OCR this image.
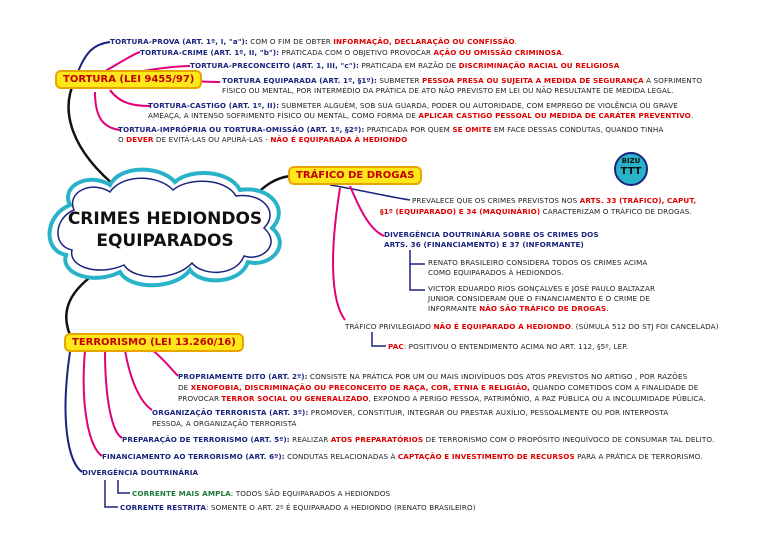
CRIMES HEDIONDOS
EQUIPARADOS
BIZU
TTT
TORTURA (LEI 9455/97)
TORTURA-PROVA (ART. 1º, I, "a"): COM O FIM DE OBTER INFORMAÇÃO, DECLARAÇÃO OU CONFISSÃO.
TORTURA-CRIME (ART. 1º, II, "b"): PRATICADA COM O OBJETIVO PROVOCAR AÇÃO OU OMISSÃO CRIMINOSA.
TORTURA-PRECONCEITO (ART. 1, III, "c"): PRATICADA EM RAZÃO DE DISCRIMINAÇÃO RACIAL OU RELIGIOSA
TORTURA EQUIPARADA (ART. 1º, §1º): SUBMETER PESSOA PRESA OU SUJEITA A MEDIDA DE SEGURANÇA A SOFRIMENTO
FÍSICO OU MENTAL, POR INTERMÉDIO DA PRÁTICA DE ATO NÃO PREVISTO EM LEI OU NÃO RESULTANTE DE MEDIDA LEGAL.
TORTURA-CASTIGO (ART. 1º, II): SUBMETER ALGUÉM, SOB SUA GUARDA, PODER OU AUTORIDADE, COM EMPREGO DE VIOLÊNCIA OU GRAVE
AMEAÇA, A INTENSO SOFRIMENTO FÍSICO OU MENTAL, COMO FORMA DE APLICAR CASTIGO PESSOAL OU MEDIDA DE CARÁTER PREVENTIVO.
TORTURA-IMPRÓPRIA OU TORTURA-OMISSÃO (ART. 1º, §2º): PRATICADA POR QUEM SE OMITE EM FACE DESSAS CONDUTAS, QUANDO TINHA
O DEVER DE EVITÁ-LAS OU APURÁ-LAS - NÃO É EQUIPARADA À HEDIONDO
TRÁFICO DE DROGAS
PREVALECE QUE OS CRIMES PREVISTOS NOS ARTS. 33 (TRÁFICO), CAPUT,
§1º (EQUIPARADO) E 34 (MAQUINÁRIO) CARACTERIZAM O TRÁFICO DE DROGAS.
DIVERGÊNCIA DOUTRINÁRIA SOBRE OS CRIMES DOS
ARTS. 36 (FINANCIAMENTO) E 37 (INFORMANTE)
RENATO BRASILEIRO CONSIDERA TODOS OS CRIMES ACIMA
COMO EQUIPARADOS À HEDIONDOS.
VICTOR EDUARDO RIOS GONÇALVES E JOSÉ PAULO BALTAZAR
JUNIOR CONSIDERAM QUE O FINANCIAMENTO E O CRIME DE
INFORMANTE NÃO SÃO TRÁFICO DE DROGAS.
TRÁFICO PRIVILEGIADO NÃO É EQUIPARADO A HEDIONDO. (SÚMULA 512 DO STJ FOI CANCELADA)
PAC: POSITIVOU O ENTENDIMENTO ACIMA NO ART. 112, §5º, LEP.
TERRORISMO (LEI 13.260/16)
PROPRIAMENTE DITO (ART. 2º): CONSISTE NA PRÁTICA POR UM OU MAIS INDIVÍDUOS DOS ATOS PREVISTOS NO ARTIGO , POR RAZÕES
DE XENOFOBIA, DISCRIMINAÇÃO OU PRECONCEITO DE RAÇA, COR, ETNIA E RELIGIÃO, QUANDO COMETIDOS COM A FINALIDADE DE
PROVOCAR TERROR SOCIAL OU GENERALIZADO, EXPONDO A PERIGO PESSOA, PATRIMÔNIO, A PAZ PÚBLICA OU A INCOLUMIDADE PÚBLICA.
ORGANIZAÇÃO TERRORISTA (ART. 3º): PROMOVER, CONSTITUIR, INTEGRAR OU PRESTAR AUXÍLIO, PESSOALMENTE OU POR INTERPOSTA
PESSOA, A ORGANIZAÇÃO TERRORISTA
PREPARAÇÃO DE TERRORISMO (ART. 5º): REALIZAR ATOS PREPARATÓRIOS DE TERRORISMO COM O PROPÓSITO INEQUÍVOCO DE CONSUMAR TAL DELITO.
FINANCIAMENTO AO TERRORISMO (ART. 6º): CONDUTAS RELACIONADAS À CAPTAÇÃO E INVESTIMENTO DE RECURSOS PARA A PRÁTICA DE TERRORISMO.
DIVERGÊNCIA DOUTRINÁRIA
CORRENTE MAIS AMPLA: TODOS SÃO EQUIPARADOS A HEDIONDOS
CORRENTE RESTRITA: SOMENTE O ART. 2º É EQUIPARADO A HEDIONDO (RENATO BRASILEIRO)
